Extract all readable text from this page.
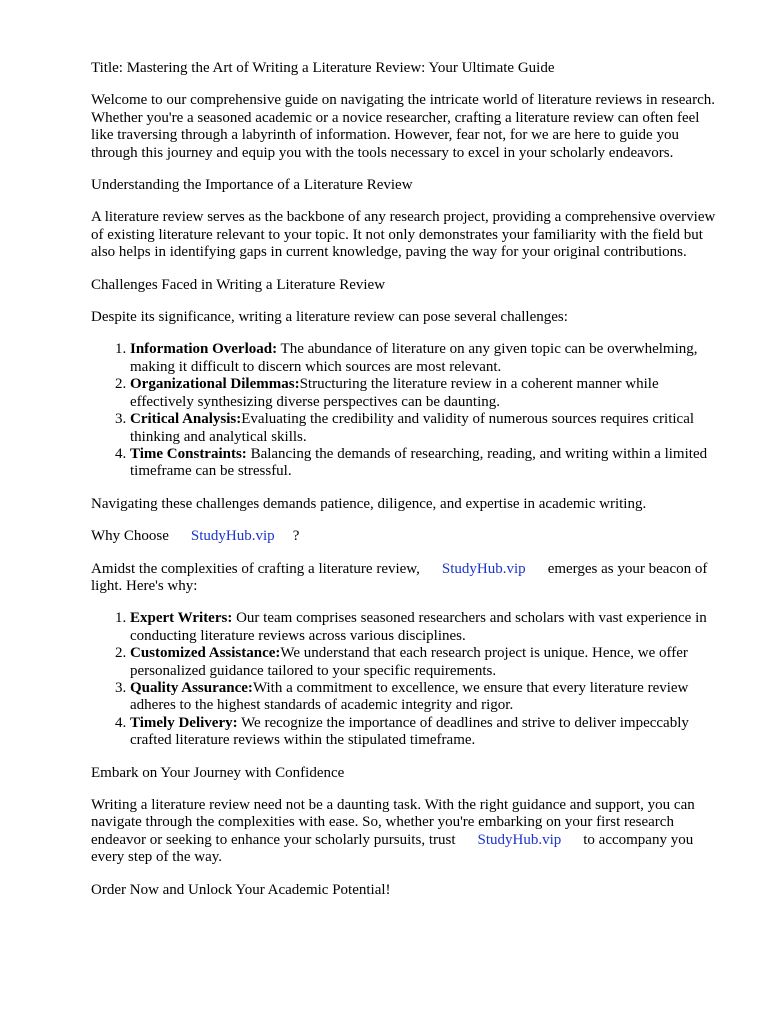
Title: Mastering the Art of Writing a Literature Review: Your Ultimate Guide

Welcome to our comprehensive guide on navigating the intricate world of literature reviews in research. Whether you're a seasoned academic or a novice researcher, crafting a literature review can often feel like traversing through a labyrinth of information. However, fear not, for we are here to guide you through this journey and equip you with the tools necessary to excel in your scholarly endeavors.

Understanding the Importance of a Literature Review

A literature review serves as the backbone of any research project, providing a comprehensive overview of existing literature relevant to your topic. It not only demonstrates your familiarity with the field but also helps in identifying gaps in current knowledge, paving the way for your original contributions.

Challenges Faced in Writing a Literature Review

Despite its significance, writing a literature review can pose several challenges:

1. Information Overload: The abundance of literature on any given topic can be overwhelming, making it difficult to discern which sources are most relevant.
2. Organizational Dilemmas:Structuring the literature review in a coherent manner while effectively synthesizing diverse perspectives can be daunting.
3. Critical Analysis:Evaluating the credibility and validity of numerous sources requires critical thinking and analytical skills.
4. Time Constraints: Balancing the demands of researching, reading, and writing within a limited timeframe can be stressful.

Navigating these challenges demands patience, diligence, and expertise in academic writing.

Why Choose StudyHub.vip ?

Amidst the complexities of crafting a literature review, StudyHub.vip emerges as your beacon of light. Here's why:

1. Expert Writers: Our team comprises seasoned researchers and scholars with vast experience in conducting literature reviews across various disciplines.
2. Customized Assistance:We understand that each research project is unique. Hence, we offer personalized guidance tailored to your specific requirements.
3. Quality Assurance:With a commitment to excellence, we ensure that every literature review adheres to the highest standards of academic integrity and rigor.
4. Timely Delivery: We recognize the importance of deadlines and strive to deliver impeccably crafted literature reviews within the stipulated timeframe.

Embark on Your Journey with Confidence

Writing a literature review need not be a daunting task. With the right guidance and support, you can navigate through the complexities with ease. So, whether you're embarking on your first research endeavor or seeking to enhance your scholarly pursuits, trust StudyHub.vip to accompany you every step of the way.

Order Now and Unlock Your Academic Potential!
